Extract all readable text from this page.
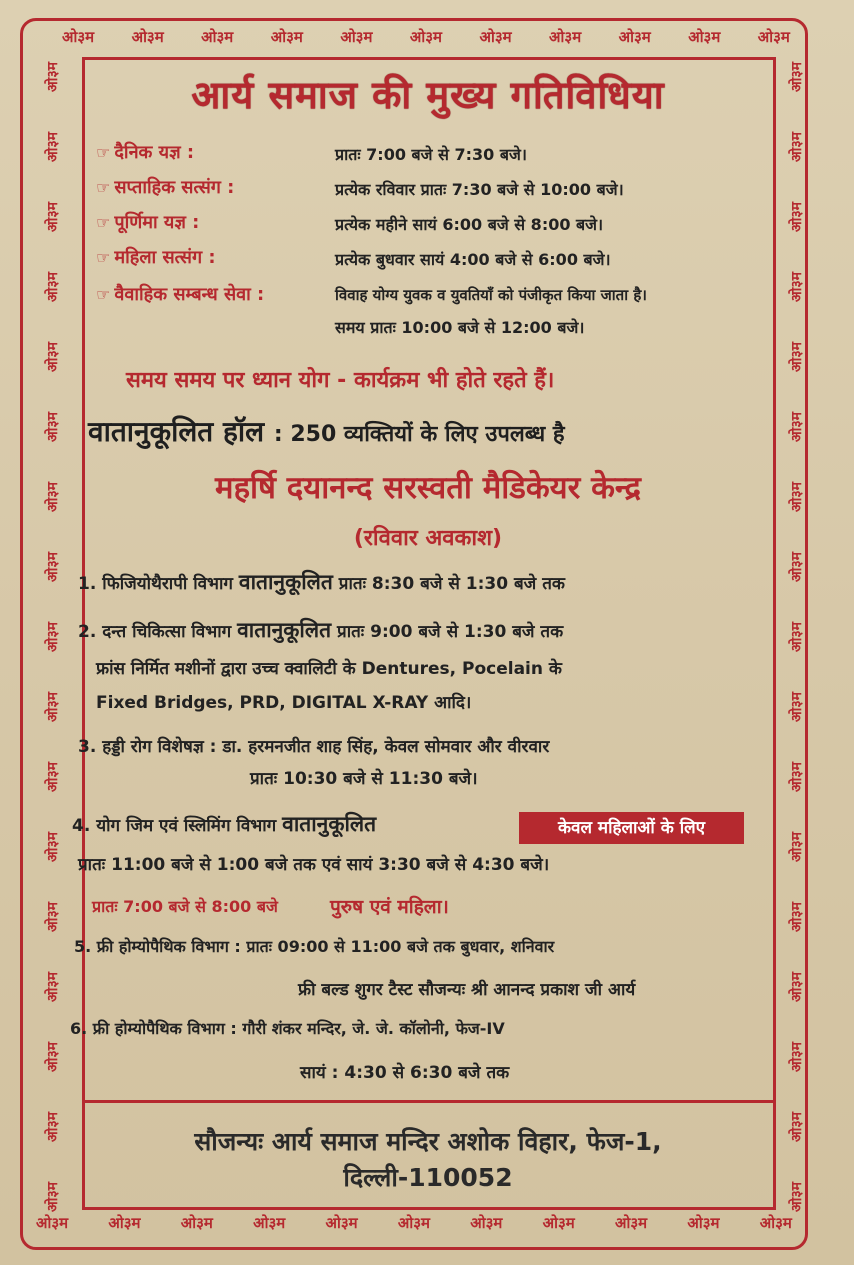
ओ३म ओ३म ओ३म ओ३म ओ३म ओ३म ओ३म ओ३म ओ३म ओ३म ओ३म
ओ३म	ओ३म	ओ३म	ओ३म	ओ३म	ओ३म	ओ३म	ओ३म	ओ३म	ओ३म	ओ३म
ओ३म
ओ३म
ओ३म
ओ३म
ओ३म
ओ३म
ओ३म
ओ३म
ओ३म
ओ३म
ओ३म
ओ३म
ओ३म
ओ३म
ओ३म
ओ३म
ओ३म
ओ३म
ओ३म
ओ३म
ओ३म
ओ३म
ओ३म
ओ३म
ओ३म
ओ३म
ओ३म
ओ३म
ओ३म
ओ३म
ओ३म
ओ३म
ओ३म
ओ३म
आर्य समाज की मुख्य गतिविधिया
☞ दैनिक यज्ञ :	प्रातः 7:00 बजे से 7:30 बजे।
☞ सप्ताहिक सत्संग :	प्रत्येक रविवार प्रातः 7:30 बजे से 10:00 बजे।
☞ पूर्णिमा यज्ञ :	प्रत्येक महीने सायं 6:00 बजे से 8:00 बजे।
☞ महिला सत्संग :	प्रत्येक बुधवार सायं 4:00 बजे से 6:00 बजे।
☞ वैवाहिक सम्बन्ध सेवा :	विवाह योग्य युवक व युवतियाँ को पंजीकृत किया जाता है।
समय प्रातः 10:00 बजे से 12:00 बजे।
समय समय पर ध्यान योग - कार्यक्रम भी होते रहते हैं।
वातानुकूलित हॉल : 250 व्यक्तियों के लिए उपलब्ध है
महर्षि दयानन्द सरस्वती मैडिकेयर केन्द्र
(रविवार अवकाश)
1. फिजियोथैरापी विभाग वातानुकूलित प्रातः 8:30 बजे से 1:30 बजे तक
2. दन्त चिकित्सा विभाग वातानुकूलित प्रातः 9:00 बजे से 1:30 बजे तक
फ्रांस निर्मित मशीनों द्वारा उच्च क्वालिटी के Dentures, Pocelain के
Fixed Bridges, PRD, DIGITAL X-RAY आदि।
3. हड्डी रोग विशेषज्ञ : डा. हरमनजीत शाह सिंह, केवल सोमवार और वीरवार
प्रातः 10:30 बजे से 11:30 बजे।
4. योग जिम एवं स्लिमिंग विभाग वातानुकूलित	केवल महिलाओं के लिए
प्रातः 11:00 बजे से 1:00 बजे तक एवं सायं 3:30 बजे से 4:30 बजे।
प्रातः 7:00 बजे से 8:00 बजे	पुरुष एवं महिला।
5. फ्री होम्योपैथिक विभाग : प्रातः 09:00 से 11:00 बजे तक बुधवार, शनिवार
फ्री बल्ड शुगर टैस्ट सौजन्यः श्री आनन्द प्रकाश जी आर्य
6. फ्री होम्योपैथिक विभाग : गौरी शंकर मन्दिर, जे. जे. कॉलोनी, फेज-IV
सायं : 4:30 से 6:30 बजे तक
सौजन्यः आर्य समाज मन्दिर अशोक विहार, फेज-1,
दिल्ली-110052
